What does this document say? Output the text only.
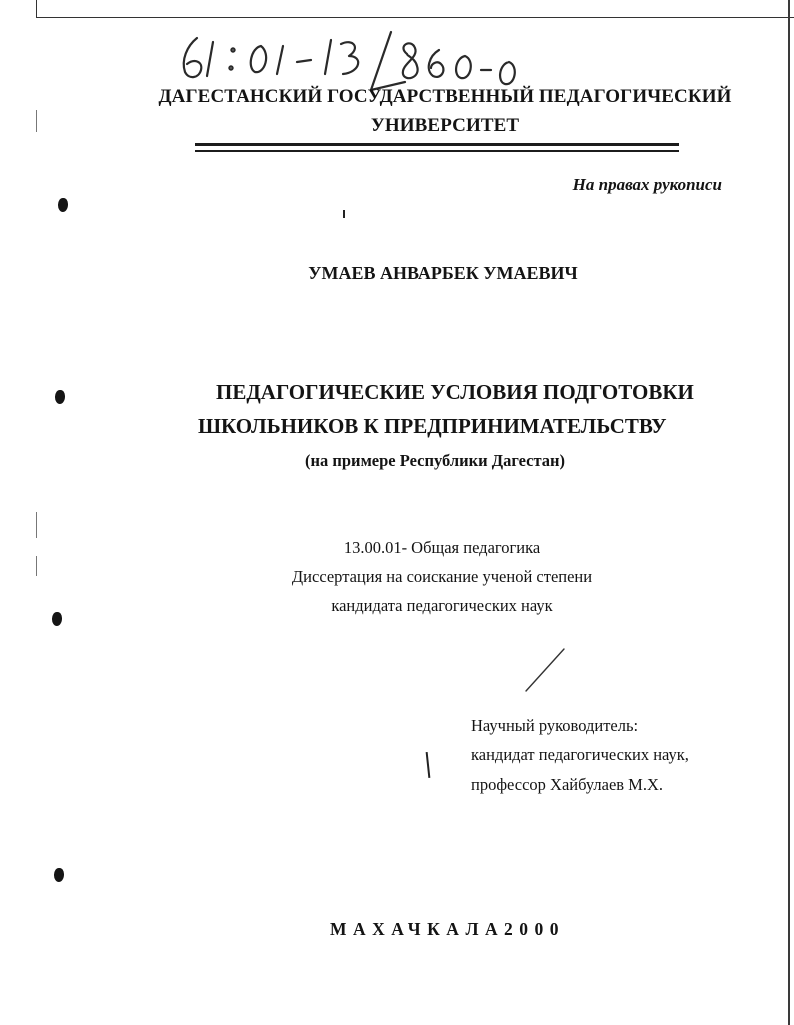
ДАГЕСТАНСКИЙ ГОСУДАРСТВЕННЫЙ ПЕДАГОГИЧЕСКИЙ
УНИВЕРСИТЕТ
На правах рукописи
УМАЕВ АНВАРБЕК УМАЕВИЧ
ПЕДАГОГИЧЕСКИЕ УСЛОВИЯ ПОДГОТОВКИ
ШКОЛЬНИКОВ К ПРЕДПРИНИМАТЕЛЬСТВУ
(на примере Республики Дагестан)
13.00.01- Общая педагогика
Диссертация на соискание ученой степени
кандидата педагогических наук
Научный руководитель:
кандидат педагогических наук,
профессор Хайбулаев М.Х.
МАХАЧКАЛА 2000
